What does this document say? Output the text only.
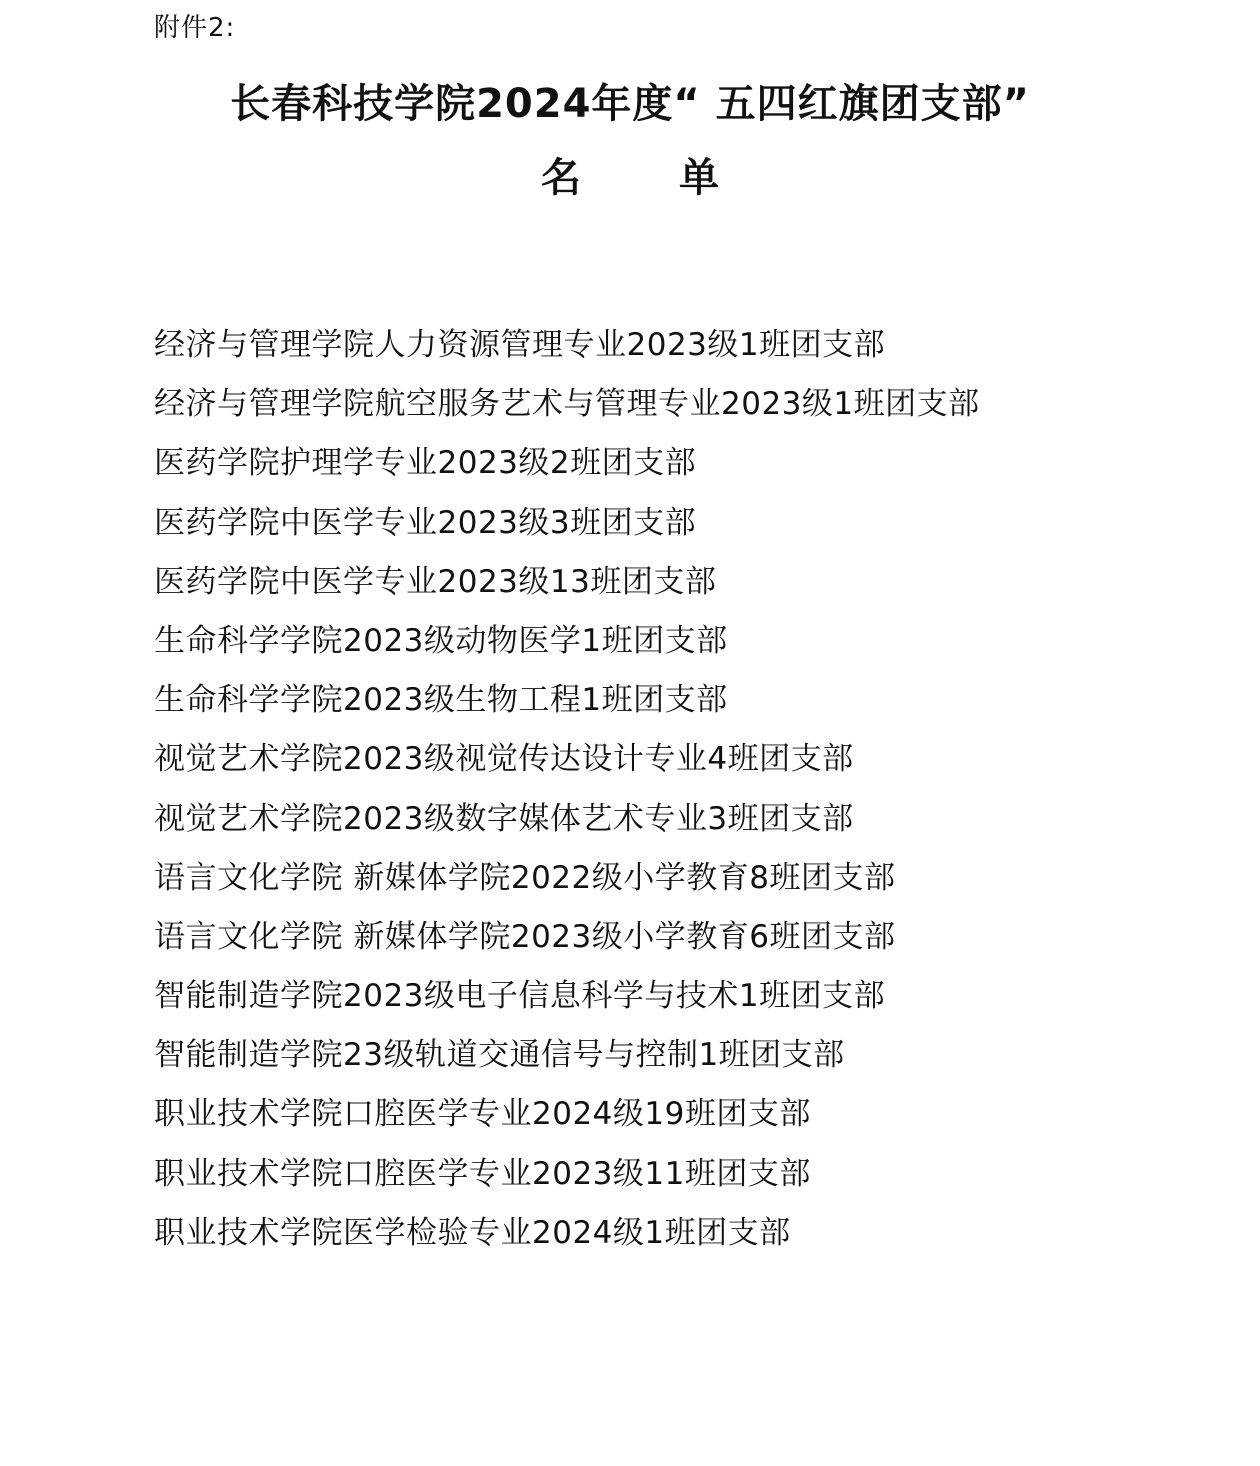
附件2:
长春科技学院2024年度“ 五四红旗团支部”
名 单
经济与管理学院人力资源管理专业2023级1班团支部
经济与管理学院航空服务艺术与管理专业2023级1班团支部
医药学院护理学专业2023级2班团支部
医药学院中医学专业2023级3班团支部
医药学院中医学专业2023级13班团支部
生命科学学院2023级动物医学1班团支部
生命科学学院2023级生物工程1班团支部
视觉艺术学院2023级视觉传达设计专业4班团支部
视觉艺术学院2023级数字媒体艺术专业3班团支部
语言文化学院 新媒体学院2022级小学教育8班团支部
语言文化学院 新媒体学院2023级小学教育6班团支部
智能制造学院2023级电子信息科学与技术1班团支部
智能制造学院23级轨道交通信号与控制1班团支部
职业技术学院口腔医学专业2024级19班团支部
职业技术学院口腔医学专业2023级11班团支部
职业技术学院医学检验专业2024级1班团支部
